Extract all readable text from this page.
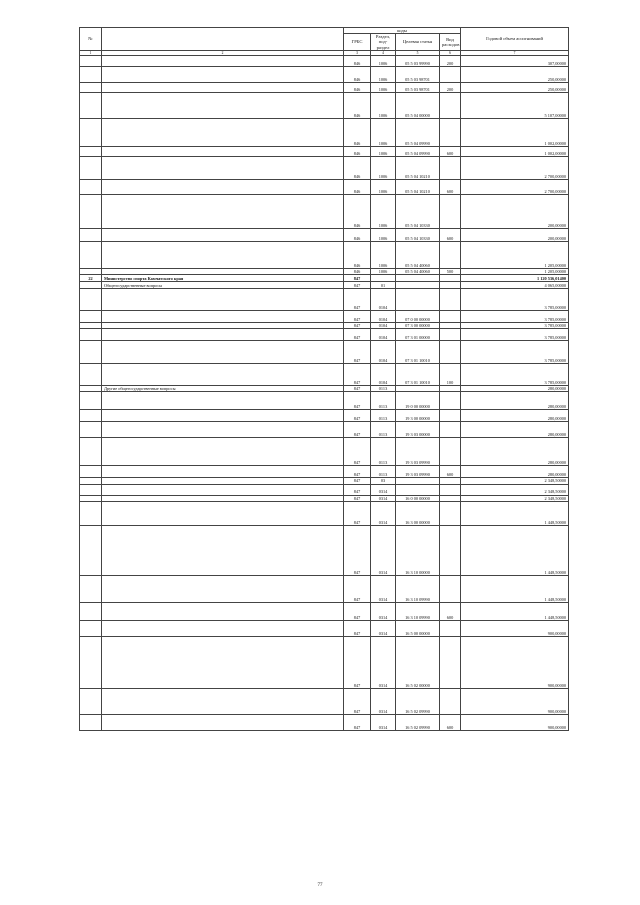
№		коды				Годовой объем ассигнований
		ГРБС	Раздел, под-раздел	Целевая статья	Вид расходов	
1	2	3	4	5	6	7
		846	1006	05 5 03 99990	200	307,00000
		846	1006	05 5 03 98701		250,00000
		846	1006	05 5 03 98701	200	250,00000
		846	1006	05 5 04 00000		5 107,00000
		846	1006	05 5 04 09990		1 002,00000
		846	1006	05 5 04 09990	600	1 002,00000
		846	1006	05 5 04 10210		2 700,00000
		846	1006	05 5 04 10210	600	2 700,00000
		846	1006	05 5 04 10330		200,00000
		846	1006	05 5 04 10330	600	200,00000
		846	1006	05 5 04 40060		1 205,00000
		846	1006	05 5 04 40060	500	1 205,00000
22	Министерство спорта Камчатского края	847				1 120 536,01400
	Общегосударственные вопросы	847	01			4 065,00000
		847	0104			3 785,00000
		847	0104	07 0 00 00000		3 785,00000
		847	0104	07 3 00 00000		3 785,00000
		847	0104	07 3 01 00000		3 785,00000
		847	0104	07 3 01 10010		3 785,00000
		847	0104	07 3 01 10010	100	3 785,00000
	Другие общегосударственные вопросы	847	0113			280,00000
		847	0113	19 0 00 00000		280,00000
		847	0113	19 3 00 00000		280,00000
		847	0113	19 3 03 00000		280,00000
		847	0113	19 3 03 09990		280,00000
		847	0113	19 3 03 09990	600	280,00000
		847	03			2 348,50000
		847	0314			2 348,50000
		847	0314	16 0 00 00000		2 348,50000
		847	0314	16 3 00 00000		1 448,50000
		847	0314	16 3 10 00000		1 448,50000
		847	0314	16 3 10 09990		1 448,50000
		847	0314	16 3 10 09990	600	1 448,50000
		847	0314	16 5 00 00000		900,00000
		847	0314	16 5 02 00000		900,00000
		847	0314	16 5 02 09990		900,00000
		847	0314	16 5 02 09990	600	900,00000
77
